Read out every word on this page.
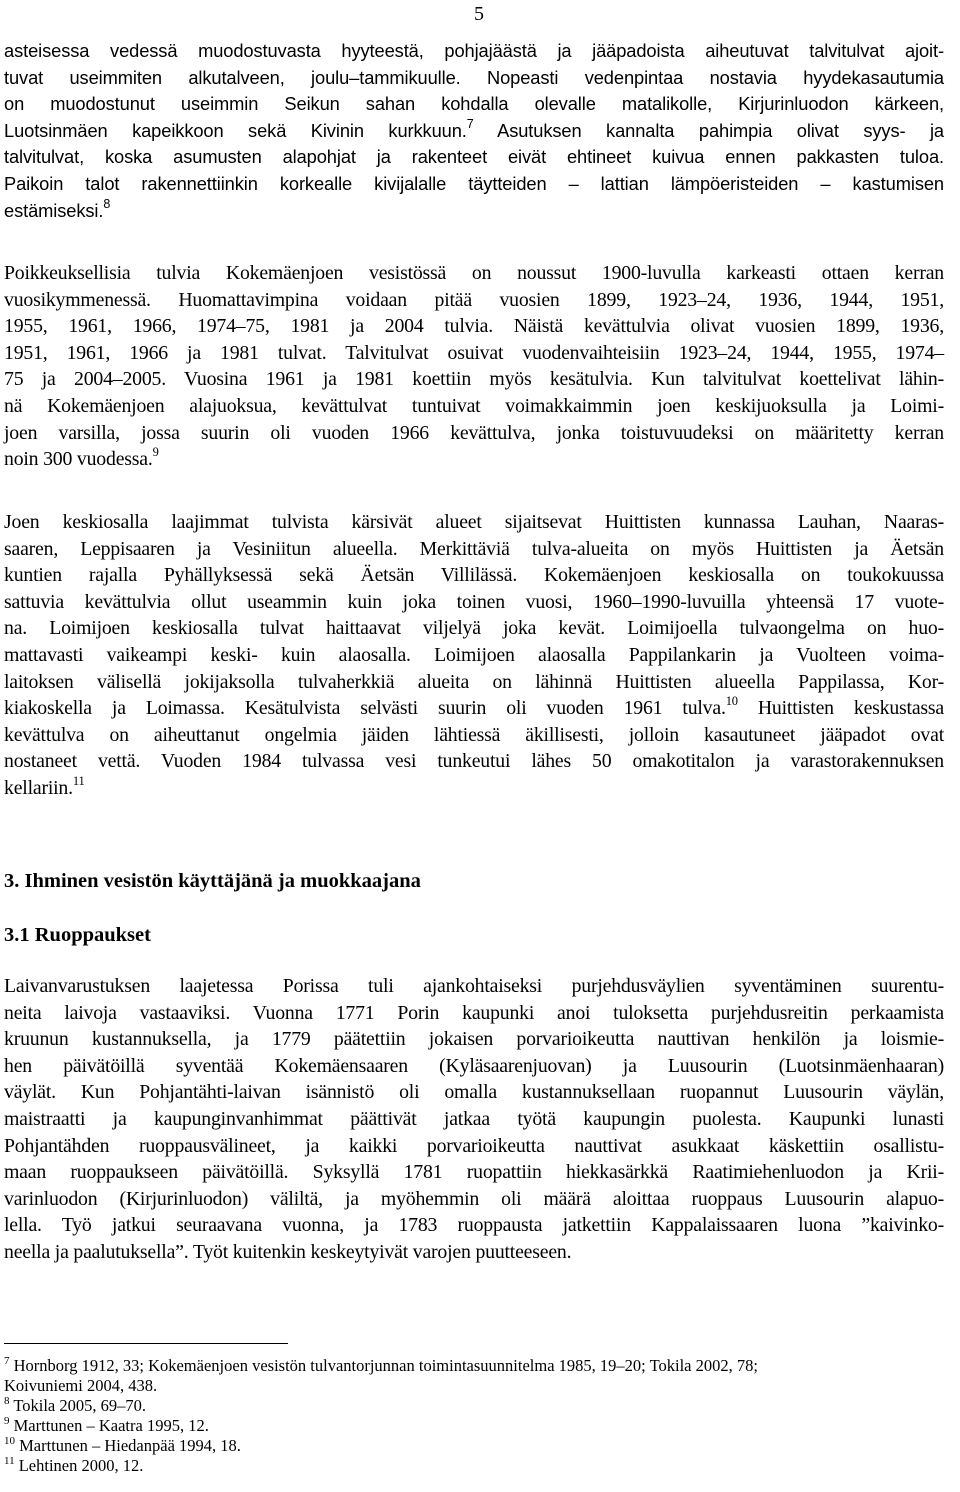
5
asteisessa vedessä muodostuvasta hyyteestä, pohjajäästä ja jääpadoista aiheutuvat talvitulvat ajoit-
tuvat useimmiten alkutalveen, joulu–tammikuulle. Nopeasti vedenpintaa nostavia hyydekasautumia
on muodostunut useimmin Seikun sahan kohdalla olevalle matalikolle, Kirjurinluodon kärkeen,
Luotsinmäen kapeikkoon sekä Kivinin kurkkuun.$^7$ Asutuksen kannalta pahimpia olivat syys- ja
talvitulvat, koska asumusten alapohjat ja rakenteet eivät ehtineet kuivua ennen pakkasten tuloa.
Paikoin talot rakennettiinkin korkealle kivijalalle täytteiden – lattian lämpöeristeiden – kastumisen
estämiseksi.$^8$
Poikkeuksellisia tulvia Kokemäenjoen vesistössä on noussut 1900-luvulla karkeasti ottaen kerran
vuosikymmenessä. Huomattavimpina voidaan pitää vuosien 1899, 1923–24, 1936, 1944, 1951,
1955, 1961, 1966, 1974–75, 1981 ja 2004 tulvia. Näistä kevättulvia olivat vuosien 1899, 1936,
1951, 1961, 1966 ja 1981 tulvat. Talvitulvat osuivat vuodenvaihteisiin 1923–24, 1944, 1955, 1974–
75 ja 2004–2005. Vuosina 1961 ja 1981 koettiin myös kesätulvia. Kun talvitulvat koettelivat lähin-
nä Kokemäenjoen alajuoksua, kevättulvat tuntuivat voimakkaimmin joen keskijuoksulla ja Loimi-
joen varsilla, jossa suurin oli vuoden 1966 kevättulva, jonka toistuvuudeksi on määritetty kerran
noin 300 vuodessa.$^9$
Joen keskiosalla laajimmat tulvista kärsivät alueet sijaitsevat Huittisten kunnassa Lauhan, Naaras-
saaren, Leppisaaren ja Vesiniitun alueella. Merkittäviä tulva-alueita on myös Huittisten ja Äetsän
kuntien rajalla Pyhällyksessä sekä Äetsän Villilässä. Kokemäenjoen keskiosalla on toukokuussa
sattuvia kevättulvia ollut useammin kuin joka toinen vuosi, 1960–1990-luvuilla yhteensä 17 vuote-
na. Loimijoen keskiosalla tulvat haittaavat viljelyä joka kevät. Loimijoella tulvaongelma on huo-
mattavasti vaikeampi keski- kuin alaosalla. Loimijoen alaosalla Pappilankarin ja Vuolteen voima-
laitoksen välisellä jokijaksolla tulvaherkkiä alueita on lähinnä Huittisten alueella Pappilassa, Kor-
kiakoskella ja Loimassa. Kesätulvista selvästi suurin oli vuoden 1961 tulva.$^{10}$ Huittisten keskustassa
kevättulva on aiheuttanut ongelmia jäiden lähtiessä äkillisesti, jolloin kasautuneet jääpadot ovat
nostaneet vettä. Vuoden 1984 tulvassa vesi tunkeutui lähes 50 omakotitalon ja varastorakennuksen
kellariin.$^{11}$
3. Ihminen vesistön käyttäjänä ja muokkaajana
3.1 Ruoppaukset
Laivanvarustuksen laajetessa Porissa tuli ajankohtaiseksi purjehdusväylien syventäminen suurentu-
neita laivoja vastaaviksi. Vuonna 1771 Porin kaupunki anoi tuloksetta purjehdusreitin perkaamista
kruunun kustannuksella, ja 1779 päätettiin jokaisen porvarioikeutta nauttivan henkilön ja loismie-
hen päivätöillä syventää Kokemäensaaren (Kyläsaarenjuovan) ja Luusourin (Luotsinmäenhaaran)
väylät. Kun Pohjantähti-laivan isännistö oli omalla kustannuksellaan ruopannut Luusourin väylän,
maistraatti ja kaupunginvanhimmat päättivät jatkaa työtä kaupungin puolesta. Kaupunki lunasti
Pohjantähden ruoppausvälineet, ja kaikki porvarioikeutta nauttivat asukkaat käskettiin osallistu-
maan ruoppaukseen päivätöillä. Syksyllä 1781 ruopattiin hiekkasärkkä Raatimiehenluodon ja Krii-
varinluodon (Kirjurinluodon) väliltä, ja myöhemmin oli määrä aloittaa ruoppaus Luusourin alapuo-
lella. Työ jatkui seuraavana vuonna, ja 1783 ruoppausta jatkettiin Kappalaissaaren luona ”kaivinko-
neella ja paalutuksella”. Työt kuitenkin keskeytyivät varojen puutteeseen.
$^7$ Hornborg 1912, 33; Kokemäenjoen vesistön tulvantorjunnan toimintasuunnitelma 1985, 19–20; Tokila 2002, 78;
Koivuniemi 2004, 438.
$^8$ Tokila 2005, 69–70.
$^9$ Marttunen – Kaatra 1995, 12.
$^{10}$ Marttunen – Hiedanpää 1994, 18.
$^{11}$ Lehtinen 2000, 12.
